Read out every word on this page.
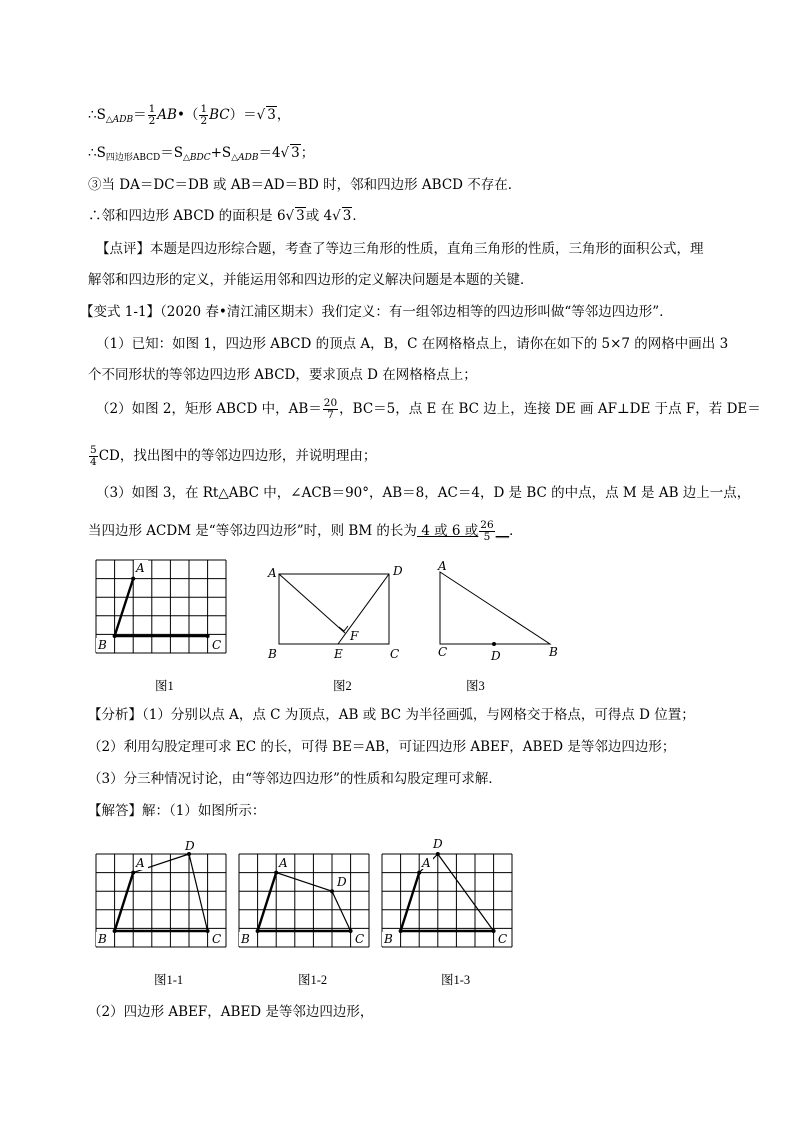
$\therefore S_{\triangle ADB}= \frac{1}{2}$ AB•（ $\frac{1}{2} BC)=√$ 3，
$\therefore S_{四边形ABCD}=S_{\triangle BDC}+S_{\triangle ADB}=4√$ 3；
③当 DA＝DC＝DB 或 AB＝AD＝BD 时，邻和四边形 ABCD 不存在．
∴邻和四边形 ABCD 的面积是 6√ 3或 4√ 3．
【点评】本题是四边形综合题，考查了等边三角形的性质，直角三角形的性质，三角形的面积公式，理
解邻和四边形的定义，并能运用邻和四边形的定义解决问题是本题的关键．
【变式 1-1】（2020 春•清江浦区期末）我们定义：有一组邻边相等的四边形叫做“等邻边四边形”．
（1）已知：如图 1，四边形 ABCD 的顶点 A，B，C 在网格格点上，请你在如下的 5×7 的网格中画出 3
个不同形状的等邻边四边形 ABCD，要求顶点 D 在网格格点上；
（2）如图 2，矩形 ABCD 中，$AB= \frac{20}{7}$ ，BC＝5，点 E 在 BC 边上，连接 DE 画 AF⊥DE 于点 F，若 DE＝
$\frac{5}{4}$ CD，找出图中的等邻边四边形，并说明理由；
（3）如图 3，在 Rt△ABC 中，∠ACB＝90°，AB＝8，AC＝4，D 是 BC 的中点，点 M 是 AB 边上一点，
当四边形 ACDM 是“等邻边四边形”时，则 BM 的长为 4 或 6 或 $\frac{26}{5}$ __．
A
B	C
图1
A	D
F
B	E	C
图2
A
C	D	B
图3
【分析】（1）分别以点 A，点 C 为顶点，AB 或 BC 为半径画弧，与网格交于格点，可得点 D 位置；
（2）利用勾股定理可求 EC 的长，可得 BE＝AB，可证四边形 ABEF，ABED 是等邻边四边形；
（3）分三种情况讨论，由“等邻边四边形”的性质和勾股定理可求解．
【解答】解：（1）如图所示：
A
D
B	C
图1-1
A
D
B	C
图1-2
A
D
B	C
图1-3
（2）四边形 ABEF，ABED 是等邻边四边形，
